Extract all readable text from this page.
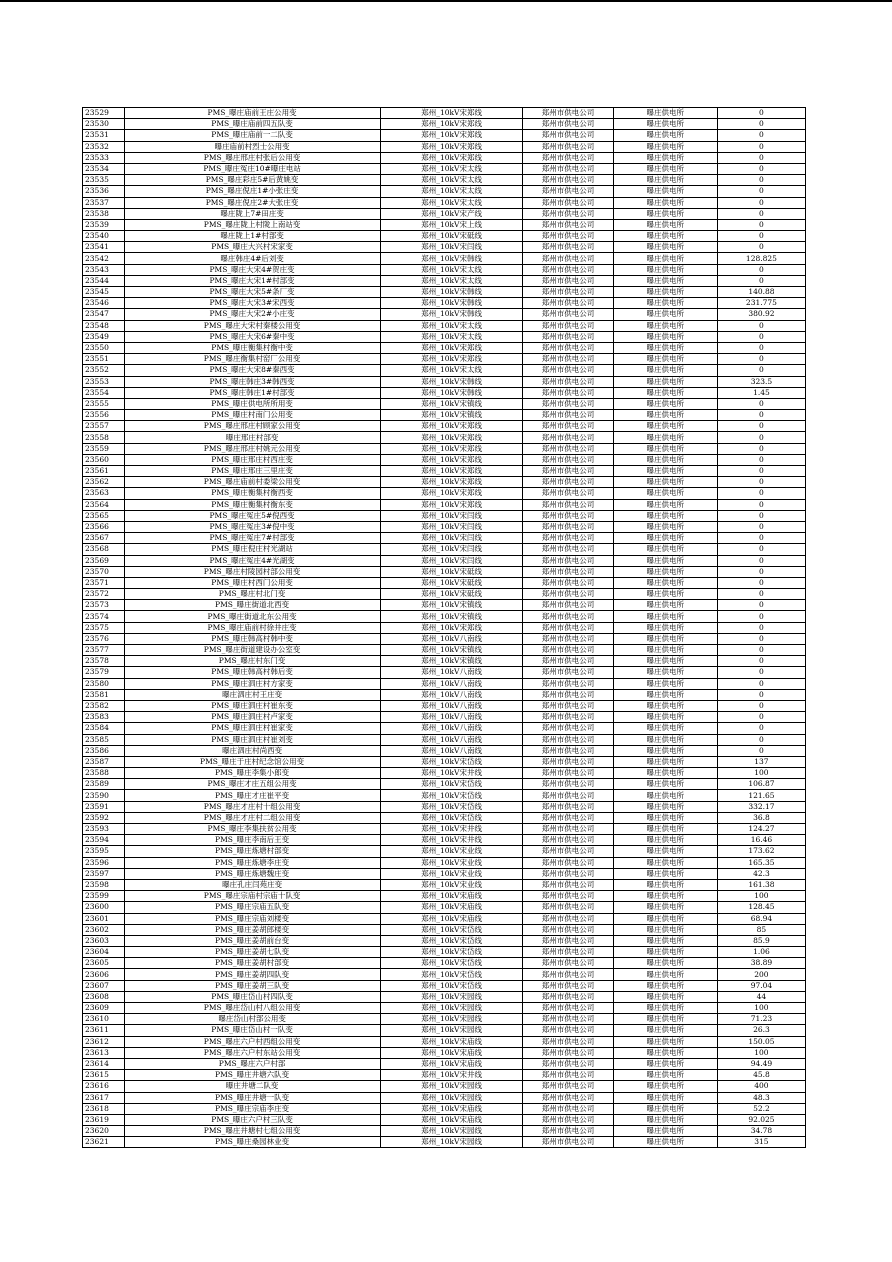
23529	PMS_曝庄庙前王庄公用变	郑州_10kV宋郑线	郑州市供电公司	曝庄供电所	0
23530	PMS_曝庄庙前四五队变	郑州_10kV宋郑线	郑州市供电公司	曝庄供电所	0
23531	PMS_曝庄庙前一二队变	郑州_10kV宋郑线	郑州市供电公司	曝庄供电所	0
23532	曝庄庙前村烈士公用变	郑州_10kV宋郑线	郑州市供电公司	曝庄供电所	0
23533	PMS_曝庄邢庄村张后公用变	郑州_10kV宋郑线	郑州市供电公司	曝庄供电所	0
23534	PMS_曝庄冤庄10#曝庄电站	郑州_10kV宋太线	郑州市供电公司	曝庄供电所	0
23535	PMS_曝庄彩庄5#后黄姚变	郑州_10kV宋太线	郑州市供电公司	曝庄供电所	0
23536	PMS_曝庄倪庄1#小张庄变	郑州_10kV宋太线	郑州市供电公司	曝庄供电所	0
23537	PMS_曝庄倪庄2#大张庄变	郑州_10kV宋太线	郑州市供电公司	曝庄供电所	0
23538	曝庄陇上7#田庄变	郑州_10kV宋产线	郑州市供电公司	曝庄供电所	0
23539	PMS_曝庄陇上村陇上南站变	郑州_10kV宋上线	郑州市供电公司	曝庄供电所	0
23540	曝庄陇上1#村部变	郑州_10kV宋砥线	郑州市供电公司	曝庄供电所	0
23541	PMS_曝庄大兴村宋家变	郑州_10kV宋闫线	郑州市供电公司	曝庄供电所	0
23542	曝庄韩庄4#后刘变	郑州_10kV宋韩线	郑州市供电公司	曝庄供电所	128.825
23543	PMS_曝庄大宋4#贺庄变	郑州_10kV宋太线	郑州市供电公司	曝庄供电所	0
23544	PMS_曝庄大宋1#村部变	郑州_10kV宋太线	郑州市供电公司	曝庄供电所	0
23545	PMS_曝庄大宋5#条厂变	郑州_10kV宋韩线	郑州市供电公司	曝庄供电所	140.88
23546	PMS_曝庄大宋3#宋西变	郑州_10kV宋韩线	郑州市供电公司	曝庄供电所	231.775
23547	PMS_曝庄大宋2#小庄变	郑州_10kV宋韩线	郑州市供电公司	曝庄供电所	380.92
23548	PMS_曝庄大宋村秦楼公用变	郑州_10kV宋太线	郑州市供电公司	曝庄供电所	0
23549	PMS_曝庄大宋6#秦中变	郑州_10kV宋太线	郑州市供电公司	曝庄供电所	0
23550	PMS_曝庄衡集村衡中变	郑州_10kV宋郑线	郑州市供电公司	曝庄供电所	0
23551	PMS_曝庄衡集村窑厂公用变	郑州_10kV宋郑线	郑州市供电公司	曝庄供电所	0
23552	PMS_曝庄大宋8#秦西变	郑州_10kV宋太线	郑州市供电公司	曝庄供电所	0
23553	PMS_曝庄韩庄3#韩西变	郑州_10kV宋韩线	郑州市供电公司	曝庄供电所	323.5
23554	PMS_曝庄韩庄1#村部变	郑州_10kV宋韩线	郑州市供电公司	曝庄供电所	1.45
23555	PMS_曝庄供电所所用变	郑州_10kV宋镇线	郑州市供电公司	曝庄供电所	0
23556	PMS_曝庄村南门公用变	郑州_10kV宋镇线	郑州市供电公司	曝庄供电所	0
23557	PMS_曝庄邢庄村顾家公用变	郑州_10kV宋郑线	郑州市供电公司	曝庄供电所	0
23558	曝庄邢庄村部变	郑州_10kV宋郑线	郑州市供电公司	曝庄供电所	0
23559	PMS_曝庄邢庄村姚元公用变	郑州_10kV宋郑线	郑州市供电公司	曝庄供电所	0
23560	PMS_曝庄邢庄村西庄变	郑州_10kV宋郑线	郑州市供电公司	曝庄供电所	0
23561	PMS_曝庄邢庄三里庄变	郑州_10kV宋郑线	郑州市供电公司	曝庄供电所	0
23562	PMS_曝庄庙前村委梁公用变	郑州_10kV宋郑线	郑州市供电公司	曝庄供电所	0
23563	PMS_曝庄衡集村衡西变	郑州_10kV宋郑线	郑州市供电公司	曝庄供电所	0
23564	PMS_曝庄衡集村衡东变	郑州_10kV宋郑线	郑州市供电公司	曝庄供电所	0
23565	PMS_曝庄冤庄5#倪西变	郑州_10kV宋闫线	郑州市供电公司	曝庄供电所	0
23566	PMS_曝庄冤庄3#倪中变	郑州_10kV宋闫线	郑州市供电公司	曝庄供电所	0
23567	PMS_曝庄冤庄7#村部变	郑州_10kV宋闫线	郑州市供电公司	曝庄供电所	0
23568	PMS_曝庄倪庄村光湖站	郑州_10kV宋闫线	郑州市供电公司	曝庄供电所	0
23569	PMS_曝庄冤庄4#光湖变	郑州_10kV宋闫线	郑州市供电公司	曝庄供电所	0
23570	PMS_曝庄村陵园村部公用变	郑州_10kV宋砥线	郑州市供电公司	曝庄供电所	0
23571	PMS_曝庄村西门公用变	郑州_10kV宋砥线	郑州市供电公司	曝庄供电所	0
23572	PMS_曝庄村北门变	郑州_10kV宋砥线	郑州市供电公司	曝庄供电所	0
23573	PMS_曝庄街道北西变	郑州_10kV宋镇线	郑州市供电公司	曝庄供电所	0
23574	PMS_曝庄街道北东公用变	郑州_10kV宋镇线	郑州市供电公司	曝庄供电所	0
23575	PMS_曝庄庙前村徐井庄变	郑州_10kV宋郑线	郑州市供电公司	曝庄供电所	0
23576	PMS_曝庄韩高村韩中变	郑州_10kV八南线	郑州市供电公司	曝庄供电所	0
23577	PMS_曝庄街道建设办公室变	郑州_10kV宋镇线	郑州市供电公司	曝庄供电所	0
23578	PMS_曝庄村东门变	郑州_10kV宋镇线	郑州市供电公司	曝庄供电所	0
23579	PMS_曝庄韩高村韩后变	郑州_10kV八南线	郑州市供电公司	曝庄供电所	0
23580	PMS_曝庄泗庄村方家变	郑州_10kV八南线	郑州市供电公司	曝庄供电所	0
23581	曝庄泗庄村王庄变	郑州_10kV八南线	郑州市供电公司	曝庄供电所	0
23582	PMS_曝庄泗庄村崔东变	郑州_10kV八南线	郑州市供电公司	曝庄供电所	0
23583	PMS_曝庄泗庄村卢家变	郑州_10kV八南线	郑州市供电公司	曝庄供电所	0
23584	PMS_曝庄泗庄村崔家变	郑州_10kV八南线	郑州市供电公司	曝庄供电所	0
23585	PMS_曝庄泗庄村崔刘变	郑州_10kV八南线	郑州市供电公司	曝庄供电所	0
23586	曝庄泗庄村尚西变	郑州_10kV八南线	郑州市供电公司	曝庄供电所	0
23587	PMS_曝庄于庄村纪念馆公用变	郑州_10kV宋岱线	郑州市供电公司	曝庄供电所	137
23588	PMS_曝庄李集小郎变	郑州_10kV宋井线	郑州市供电公司	曝庄供电所	100
23589	PMS_曝庄才庄五组公用变	郑州_10kV宋岱线	郑州市供电公司	曝庄供电所	106.87
23590	PMS_曝庄才庄崔平变	郑州_10kV宋岱线	郑州市供电公司	曝庄供电所	121.65
23591	PMS_曝庄才庄村十组公用变	郑州_10kV宋岱线	郑州市供电公司	曝庄供电所	332.17
23592	PMS_曝庄才庄村二组公用变	郑州_10kV宋岱线	郑州市供电公司	曝庄供电所	36.8
23593	PMS_曝庄李集扶贫公用变	郑州_10kV宋井线	郑州市供电公司	曝庄供电所	124.27
23594	PMS_曝庄李南后王变	郑州_10kV宋井线	郑州市供电公司	曝庄供电所	16.46
23595	PMS_曝庄炼塘村部变	郑州_10kV宋业线	郑州市供电公司	曝庄供电所	173.62
23596	PMS_曝庄炼塘李庄变	郑州_10kV宋业线	郑州市供电公司	曝庄供电所	165.35
23597	PMS_曝庄炼塘魏庄变	郑州_10kV宋业线	郑州市供电公司	曝庄供电所	42.3
23598	曝庄孔庄闫苑庄变	郑州_10kV宋业线	郑州市供电公司	曝庄供电所	161.38
23599	PMS_曝庄宗庙村宗庙十队变	郑州_10kV宋庙线	郑州市供电公司	曝庄供电所	100
23600	PMS_曝庄宗庙五队变	郑州_10kV宋庙线	郑州市供电公司	曝庄供电所	128.45
23601	PMS_曝庄宗庙刘楼变	郑州_10kV宋庙线	郑州市供电公司	曝庄供电所	68.94
23602	PMS_曝庄姜胡郎楼变	郑州_10kV宋岱线	郑州市供电公司	曝庄供电所	85
23603	PMS_曝庄姜胡前台变	郑州_10kV宋岱线	郑州市供电公司	曝庄供电所	85.9
23604	PMS_曝庄姜胡七队变	郑州_10kV宋岱线	郑州市供电公司	曝庄供电所	1.06
23605	PMS_曝庄姜胡村部变	郑州_10kV宋岱线	郑州市供电公司	曝庄供电所	38.89
23606	PMS_曝庄姜胡四队变	郑州_10kV宋岱线	郑州市供电公司	曝庄供电所	200
23607	PMS_曝庄姜胡三队变	郑州_10kV宋岱线	郑州市供电公司	曝庄供电所	97.04
23608	PMS_曝庄岱山村四队变	郑州_10kV宋园线	郑州市供电公司	曝庄供电所	44
23609	PMS_曝庄岱山村八组公用变	郑州_10kV宋园线	郑州市供电公司	曝庄供电所	100
23610	曝庄岱山村部公用变	郑州_10kV宋园线	郑州市供电公司	曝庄供电所	71.23
23611	PMS_曝庄岱山村一队变	郑州_10kV宋园线	郑州市供电公司	曝庄供电所	26.3
23612	PMS_曝庄六户村西组公用变	郑州_10kV宋庙线	郑州市供电公司	曝庄供电所	150.05
23613	PMS_曝庄六户村东站公用变	郑州_10kV宋庙线	郑州市供电公司	曝庄供电所	100
23614	PMS_曝庄六户村部	郑州_10kV宋庙线	郑州市供电公司	曝庄供电所	94.49
23615	PMS_曝庄井塘六队变	郑州_10kV宋井线	郑州市供电公司	曝庄供电所	45.8
23616	曝庄井塘二队变	郑州_10kV宋园线	郑州市供电公司	曝庄供电所	400
23617	PMS_曝庄井塘一队变	郑州_10kV宋园线	郑州市供电公司	曝庄供电所	48.3
23618	PMS_曝庄宗庙李庄变	郑州_10kV宋庙线	郑州市供电公司	曝庄供电所	52.2
23619	PMS_曝庄六户村三队变	郑州_10kV宋庙线	郑州市供电公司	曝庄供电所	92.025
23620	PMS_曝庄井塘村七组公用变	郑州_10kV宋园线	郑州市供电公司	曝庄供电所	34.78
23621	PMS_曝庄桑园林业变	郑州_10kV宋园线	郑州市供电公司	曝庄供电所	315
